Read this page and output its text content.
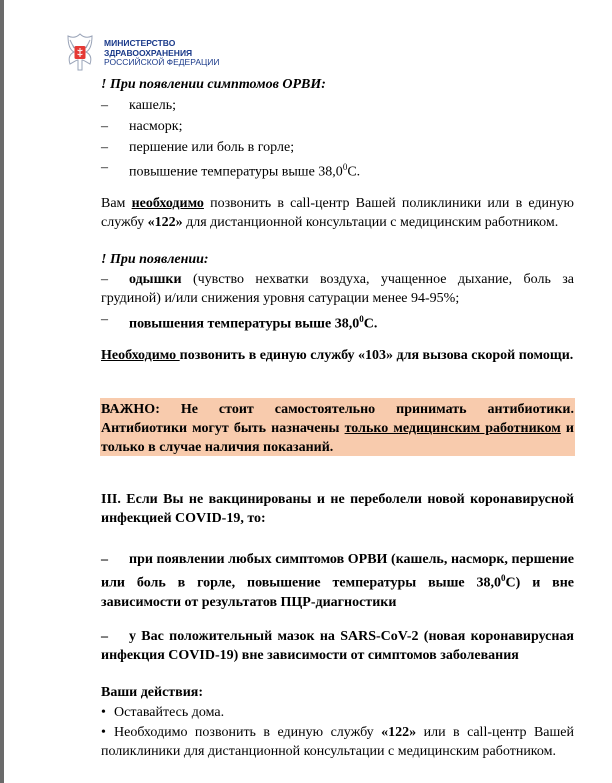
МИНИСТЕРСТВО
ЗДРАВООХРАНЕНИЯ
РОССИЙСКОЙ ФЕДЕРАЦИИ
! При появлении симптомов ОРВИ:
– кашель;
– насморк;
– першение или боль в горле;
– повышение температуры выше 38,0$^0$С.
Вам необходимо позвонить в call-центр Вашей поликлиники или в единую службу «122» для дистанционной консультации с медицинским работником.
! При появлении:
–	одышки (чувство нехватки воздуха, учащенное дыхание, боль за грудиной) и/или снижения уровня сатурации менее 94-95%;
– повышения температуры выше 38,0$^0$С.
Необходимо позвонить в единую службу «103» для вызова скорой помощи.
ВАЖНО: Не стоит самостоятельно принимать антибиотики. Антибиотики могут быть назначены только медицинским работником и только в случае наличия показаний.
III. Если Вы не вакцинированы и не переболели новой коронавирусной инфекцией COVID-19, то:
–	при появлении любых симптомов ОРВИ (кашель, насморк, першение или боль в горле, повышение температуры выше 38,0$^0$С) и вне зависимости от результатов ПЦР-диагностики
–	у Вас положительный мазок на SARS-CoV-2 (новая коронавирусная инфекция COVID-19) вне зависимости от симптомов заболевания
Ваши действия:
• Оставайтесь дома.
• Необходимо позвонить в единую службу «122» или в call-центр Вашей поликлиники для дистанционной консультации с медицинским работником.
